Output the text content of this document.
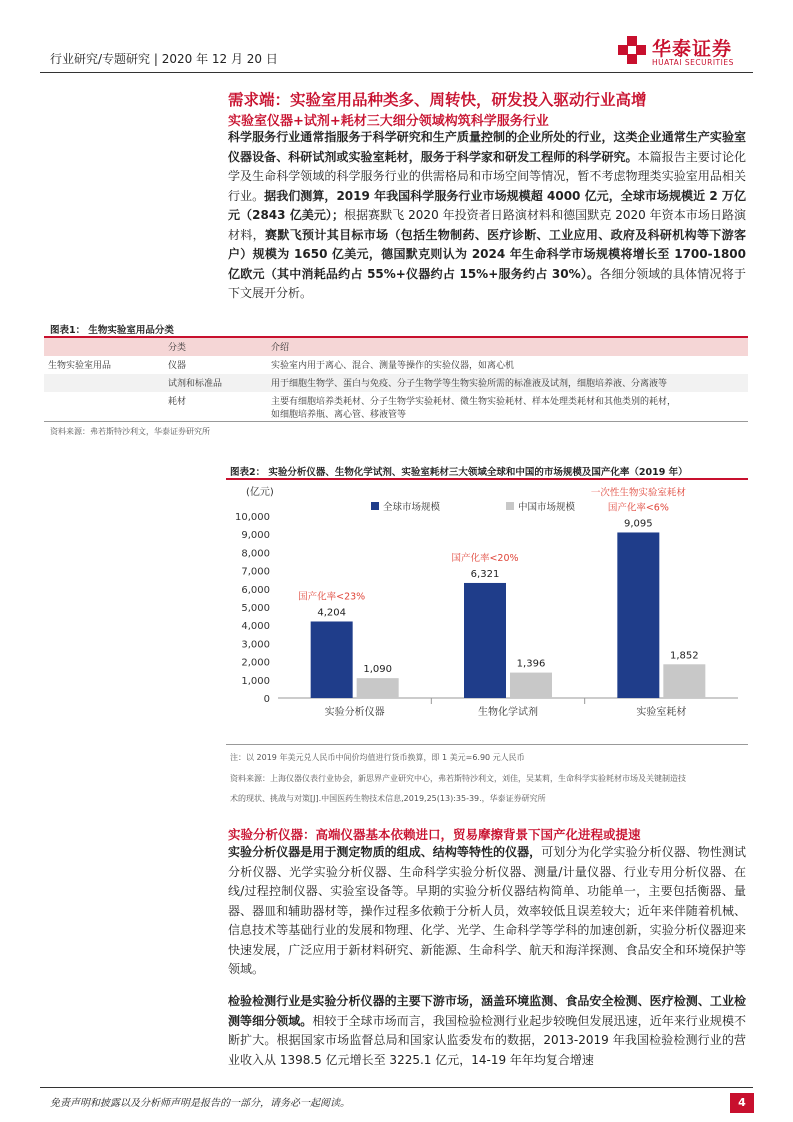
行业研究/专题研究 | 2020 年 12 月 20 日	华泰证券
HUATAI SECURITIES
需求端：实验室用品种类多、周转快，研发投入驱动行业高增
实验室仪器+试剂+耗材三大细分领域构筑科学服务行业
科学服务行业通常指服务于科学研究和生产质量控制的企业所处的行业，这类企业通常生产实验室仪器设备、科研试剂或实验室耗材，服务于科学家和研发工程师的科学研究。本篇报告主要讨论化学及生命科学领域的科学服务行业的供需格局和市场空间等情况，暂不考虑物理类实验室用品相关行业。据我们测算，2019 年我国科学服务行业市场规模超 4000 亿元，全球市场规模近 2 万亿元（2843 亿美元）；根据赛默飞 2020 年投资者日路演材料和德国默克 2020 年资本市场日路演材料，赛默飞预计其目标市场（包括生物制药、医疗诊断、工业应用、政府及科研机构等下游客户）规模为 1650 亿美元，德国默克则认为 2024 年生命科学市场规模将增长至 1700-1800 亿欧元（其中消耗品约占 55%+仪器约占 15%+服务约占 30%）。各细分领域的具体情况将于下文展开分析。
图表1： 生物实验室用品分类
	分类	介绍
生物实验室用品	仪器	实验室内用于离心、混合、测量等操作的实验仪器，如离心机
	试剂和标准品	用于细胞生物学、蛋白与免疫、分子生物学等生物实验所需的标准液及试剂，细胞培养液、分离液等
	耗材	主要有细胞培养类耗材、分子生物学实验耗材、微生物实验耗材、样本处理类耗材和其他类别的耗材，
如细胞培养瓶、离心管、移液管等
资料来源：弗若斯特沙利文，华泰证券研究所
图表2： 实验分析仪器、生物化学试剂、实验室耗材三大领域全球和中国的市场规模及国产化率（2019 年）
(亿元)
0
1,000
2,000
3,000
4,000
5,000
6,000
7,000
8,000
9,000
10,000
实验分析仪器
4,204
1,090
生物化学试剂
6,321
1,396
实验室耗材
9,095
1,852
国产化率<23%
国产化率<20%
一次性生物实验室耗材
国产化率<6%
全球市场规模	中国市场规模
注：以 2019 年美元兑人民币中间价均值进行货币换算，即 1 美元=6.90 元人民币
资料来源：上海仪器仪表行业协会，新思界产业研究中心，弗若斯特沙利文，刘佳，吴某莉，生命科学实验耗材市场及关键制造技
术的现状、挑战与对策[J].中国医药生物技术信息,2019,25(13):35-39.，华泰证券研究所
实验分析仪器：高端仪器基本依赖进口，贸易摩擦背景下国产化进程或提速
实验分析仪器是用于测定物质的组成、结构等特性的仪器，可划分为化学实验分析仪器、物性测试分析仪器、光学实验分析仪器、生命科学实验分析仪器、测量/计量仪器、行业专用分析仪器、在线/过程控制仪器、实验室设备等。早期的实验分析仪器结构简单、功能单一，主要包括衡器、量器、器皿和辅助器材等，操作过程多依赖于分析人员，效率较低且误差较大；近年来伴随着机械、信息技术等基础行业的发展和物理、化学、光学、生命科学等学科的加速创新，实验分析仪器迎来快速发展，广泛应用于新材料研究、新能源、生命科学、航天和海洋探测、食品安全和环境保护等领域。
检验检测行业是实验分析仪器的主要下游市场，涵盖环境监测、食品安全检测、医疗检测、工业检测等细分领域。相较于全球市场而言，我国检验检测行业起步较晚但发展迅速，近年来行业规模不断扩大。根据国家市场监督总局和国家认监委发布的数据，2013-2019 年我国检验检测行业的营业收入从 1398.5 亿元增长至 3225.1 亿元，14-19 年年均复合增速
免责声明和披露以及分析师声明是报告的一部分，请务必一起阅读。	4
